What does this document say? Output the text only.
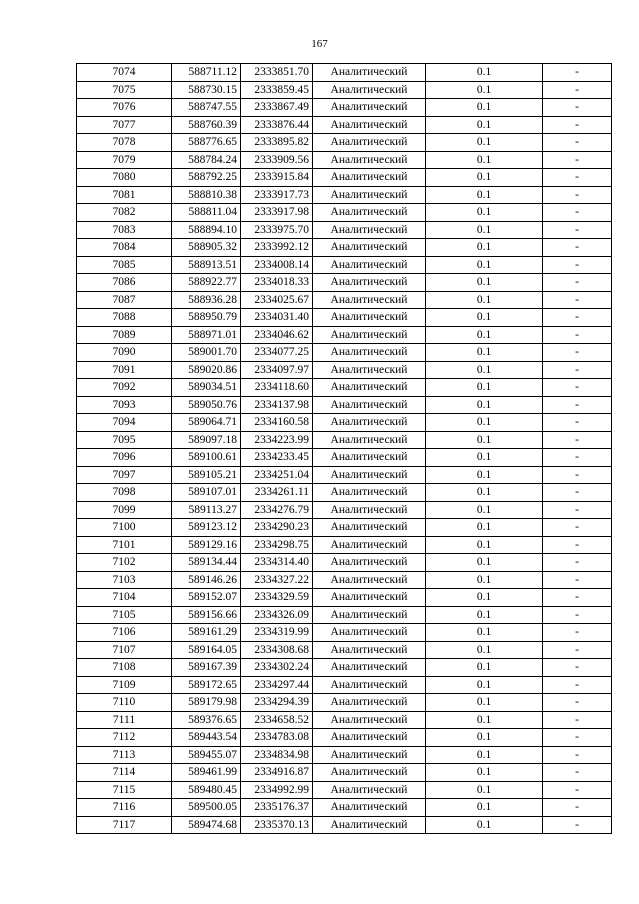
167
7074	588711.12	2333851.70	Аналитический	0.1	-
7075	588730.15	2333859.45	Аналитический	0.1	-
7076	588747.55	2333867.49	Аналитический	0.1	-
7077	588760.39	2333876.44	Аналитический	0.1	-
7078	588776.65	2333895.82	Аналитический	0.1	-
7079	588784.24	2333909.56	Аналитический	0.1	-
7080	588792.25	2333915.84	Аналитический	0.1	-
7081	588810.38	2333917.73	Аналитический	0.1	-
7082	588811.04	2333917.98	Аналитический	0.1	-
7083	588894.10	2333975.70	Аналитический	0.1	-
7084	588905.32	2333992.12	Аналитический	0.1	-
7085	588913.51	2334008.14	Аналитический	0.1	-
7086	588922.77	2334018.33	Аналитический	0.1	-
7087	588936.28	2334025.67	Аналитический	0.1	-
7088	588950.79	2334031.40	Аналитический	0.1	-
7089	588971.01	2334046.62	Аналитический	0.1	-
7090	589001.70	2334077.25	Аналитический	0.1	-
7091	589020.86	2334097.97	Аналитический	0.1	-
7092	589034.51	2334118.60	Аналитический	0.1	-
7093	589050.76	2334137.98	Аналитический	0.1	-
7094	589064.71	2334160.58	Аналитический	0.1	-
7095	589097.18	2334223.99	Аналитический	0.1	-
7096	589100.61	2334233.45	Аналитический	0.1	-
7097	589105.21	2334251.04	Аналитический	0.1	-
7098	589107.01	2334261.11	Аналитический	0.1	-
7099	589113.27	2334276.79	Аналитический	0.1	-
7100	589123.12	2334290.23	Аналитический	0.1	-
7101	589129.16	2334298.75	Аналитический	0.1	-
7102	589134.44	2334314.40	Аналитический	0.1	-
7103	589146.26	2334327.22	Аналитический	0.1	-
7104	589152.07	2334329.59	Аналитический	0.1	-
7105	589156.66	2334326.09	Аналитический	0.1	-
7106	589161.29	2334319.99	Аналитический	0.1	-
7107	589164.05	2334308.68	Аналитический	0.1	-
7108	589167.39	2334302.24	Аналитический	0.1	-
7109	589172.65	2334297.44	Аналитический	0.1	-
7110	589179.98	2334294.39	Аналитический	0.1	-
7111	589376.65	2334658.52	Аналитический	0.1	-
7112	589443.54	2334783.08	Аналитический	0.1	-
7113	589455.07	2334834.98	Аналитический	0.1	-
7114	589461.99	2334916.87	Аналитический	0.1	-
7115	589480.45	2334992.99	Аналитический	0.1	-
7116	589500.05	2335176.37	Аналитический	0.1	-
7117	589474.68	2335370.13	Аналитический	0.1	-
